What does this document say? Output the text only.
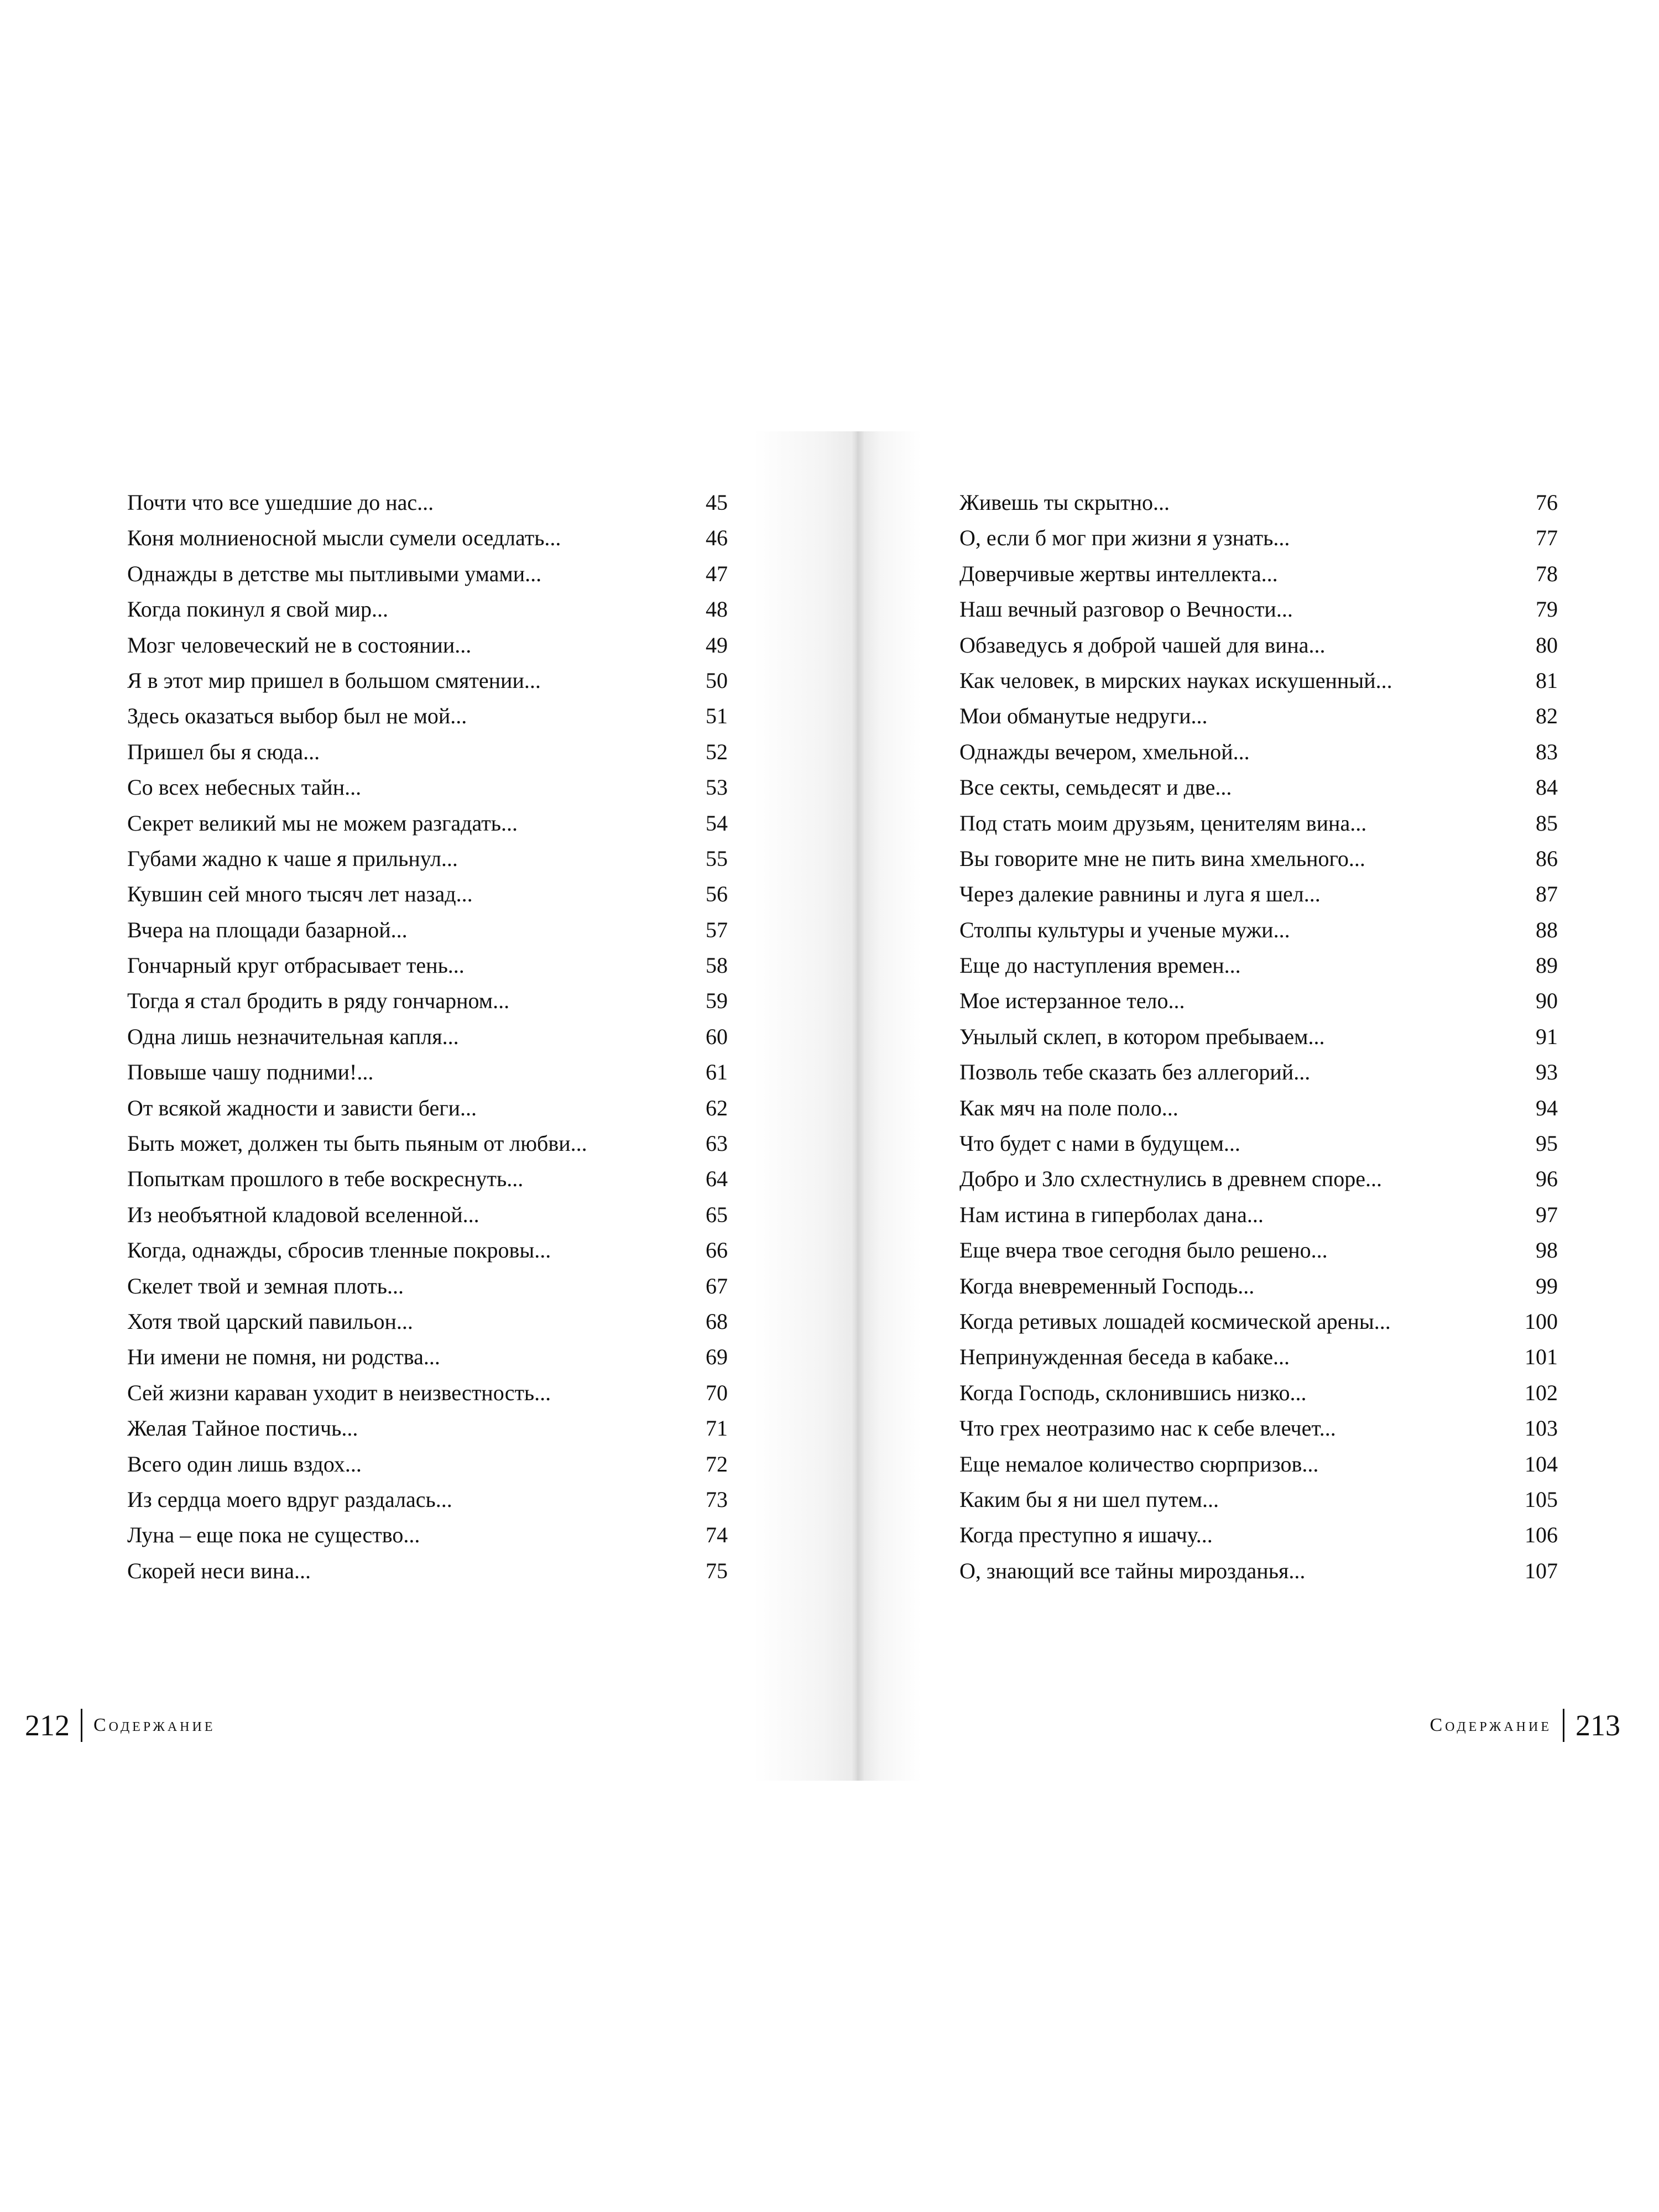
Почти что все ушедшие до нас...	45
Коня молниеносной мысли сумели оседлать...	46
Однажды в детстве мы пытливыми умами...	47
Когда покинул я свой мир...	48
Мозг человеческий не в состоянии...	49
Я в этот мир пришел в большом смятении...	50
Здесь оказаться выбор был не мой...	51
Пришел бы я сюда...	52
Со всех небесных тайн...	53
Секрет великий мы не можем разгадать...	54
Губами жадно к чаше я прильнул...	55
Кувшин сей много тысяч лет назад...	56
Вчера на площади базарной...	57
Гончарный круг отбрасывает тень...	58
Тогда я стал бродить в ряду гончарном...	59
Одна лишь незначительная капля...	60
Повыше чашу подними!...	61
От всякой жадности и зависти беги...	62
Быть может, должен ты быть пьяным от любви...	63
Попыткам прошлого в тебе воскреснуть...	64
Из необъятной кладовой вселенной...	65
Когда, однажды, сбросив тленные покровы...	66
Скелет твой и земная плоть...	67
Хотя твой царский павильон...	68
Ни имени не помня, ни родства...	69
Сей жизни караван уходит в неизвестность...	70
Желая Тайное постичь...	71
Всего один лишь вздох...	72
Из сердца моего вдруг раздалась...	73
Луна – еще пока не существо...	74
Скорей неси вина...	75
Живешь ты скрытно...	76
О, если б мог при жизни я узнать...	77
Доверчивые жертвы интеллекта...	78
Наш вечный разговор о Вечности...	79
Обзаведусь я доброй чашей для вина...	80
Как человек, в мирских науках искушенный...	81
Мои обманутые недруги...	82
Однажды вечером, хмельной...	83
Все секты, семьдесят и две...	84
Под стать моим друзьям, ценителям вина...	85
Вы говорите мне не пить вина хмельного...	86
Через далекие равнины и луга я шел...	87
Столпы культуры и ученые мужи...	88
Еще до наступления времен...	89
Мое истерзанное тело...	90
Унылый склеп, в котором пребываем...	91
Позволь тебе сказать без аллегорий...	93
Как мяч на поле поло...	94
Что будет с нами в будущем...	95
Добро и Зло схлестнулись в древнем споре...	96
Нам истина в гиперболах дана...	97
Еще вчера твое сегодня было решено...	98
Когда вневременный Господь...	99
Когда ретивых лошадей космической арены...	100
Непринужденная беседа в кабаке...	101
Когда Господь, склонившись низко...	102
Что грех неотразимо нас к себе влечет...	103
Еще немалое количество сюрпризов...	104
Каким бы я ни шел путем...	105
Когда преступно я ишачу...	106
О, знающий все тайны мирозданья...	107
212 Содержание	Содержание 213
